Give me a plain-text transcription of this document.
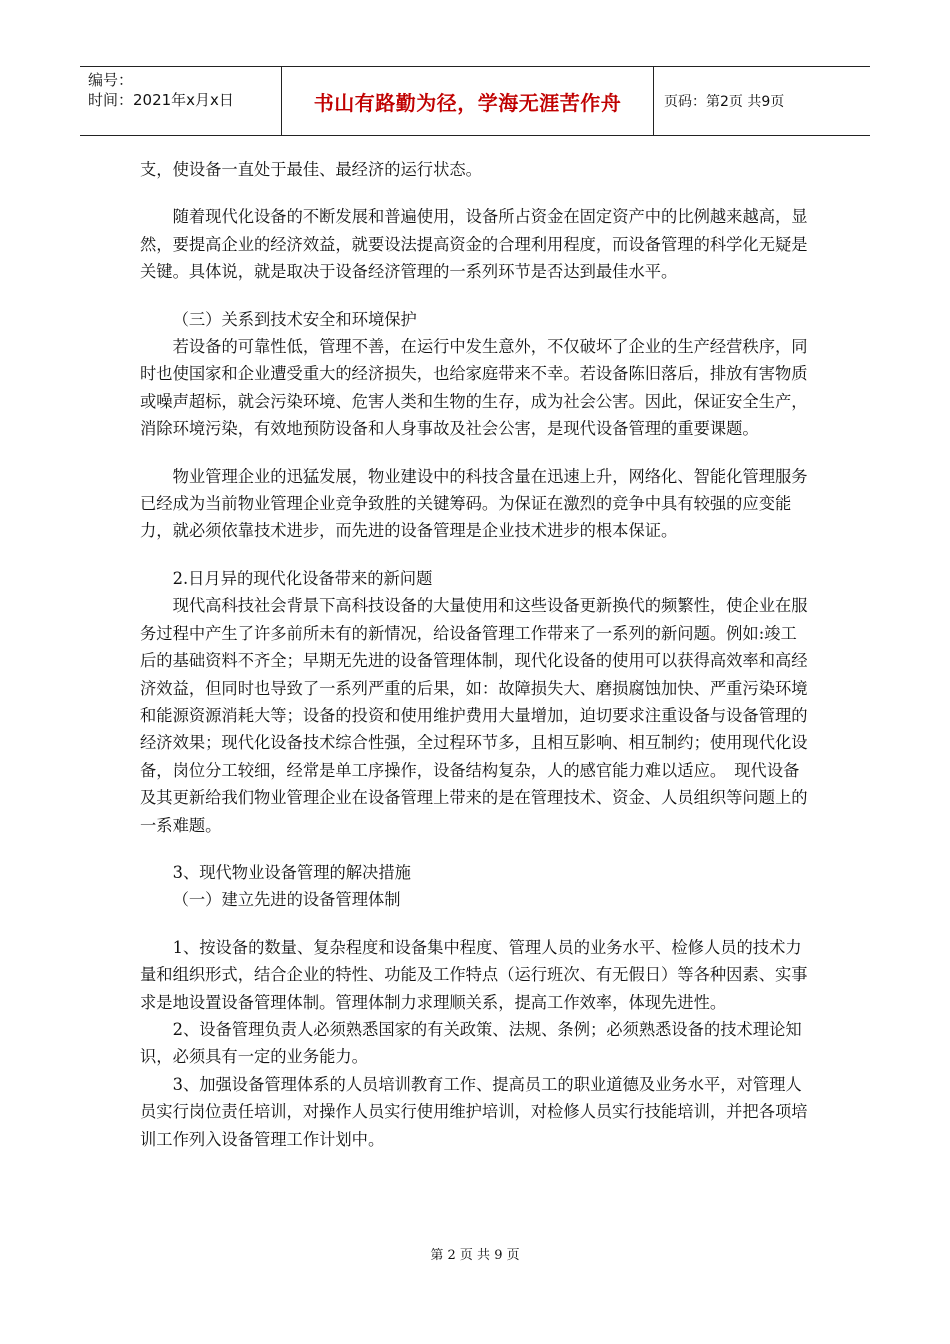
编号：
时间：2021年x月x日	书山有路勤为径，学海无涯苦作舟	页码：第2页 共9页

支，使设备一直处于最佳、最经济的运行状态。

随着现代化设备的不断发展和普遍使用，设备所占资金在固定资产中的比例越来越高，显然，要提高企业的经济效益，就要设法提高资金的合理利用程度，而设备管理的科学化无疑是关键。具体说，就是取决于设备经济管理的一系列环节是否达到最佳水平。

（三）关系到技术安全和环境保护

若设备的可靠性低，管理不善，在运行中发生意外，不仅破坏了企业的生产经营秩序，同时也使国家和企业遭受重大的经济损失，也给家庭带来不幸。若设备陈旧落后，排放有害物质或噪声超标，就会污染环境、危害人类和生物的生存，成为社会公害。因此，保证安全生产，消除环境污染，有效地预防设备和人身事故及社会公害，是现代设备管理的重要课题。

物业管理企业的迅猛发展，物业建设中的科技含量在迅速上升，网络化、智能化管理服务已经成为当前物业管理企业竞争致胜的关键筹码。为保证在激烈的竞争中具有较强的应变能力，就必须依靠技术进步，而先进的设备管理是企业技术进步的根本保证。

2.日月异的现代化设备带来的新问题

现代高科技社会背景下高科技设备的大量使用和这些设备更新换代的频繁性，使企业在服务过程中产生了许多前所未有的新情况，给设备管理工作带来了一系列的新问题。例如:竣工后的基础资料不齐全；早期无先进的设备管理体制，现代化设备的使用可以获得高效率和高经济效益，但同时也导致了一系列严重的后果，如：故障损失大、磨损腐蚀加快、严重污染环境和能源资源消耗大等；设备的投资和使用维护费用大量增加，迫切要求注重设备与设备管理的经济效果；现代化设备技术综合性强，全过程环节多，且相互影响、相互制约；使用现代化设备，岗位分工较细，经常是单工序操作，设备结构复杂，人的感官能力难以适应。　现代设备及其更新给我们物业管理企业在设备管理上带来的是在管理技术、资金、人员组织等问题上的一系难题。

3、现代物业设备管理的解决措施

（一）建立先进的设备管理体制

1、按设备的数量、复杂程度和设备集中程度、管理人员的业务水平、检修人员的技术力量和组织形式，结合企业的特性、功能及工作特点（运行班次、有无假日）等各种因素、实事求是地设置设备管理体制。管理体制力求理顺关系，提高工作效率，体现先进性。

2、设备管理负责人必须熟悉国家的有关政策、法规、条例；必须熟悉设备的技术理论知识，必须具有一定的业务能力。

3、加强设备管理体系的人员培训教育工作、提高员工的职业道德及业务水平，对管理人员实行岗位责任培训，对操作人员实行使用维护培训，对检修人员实行技能培训，并把各项培训工作列入设备管理工作计划中。

第 2 页 共 9 页
